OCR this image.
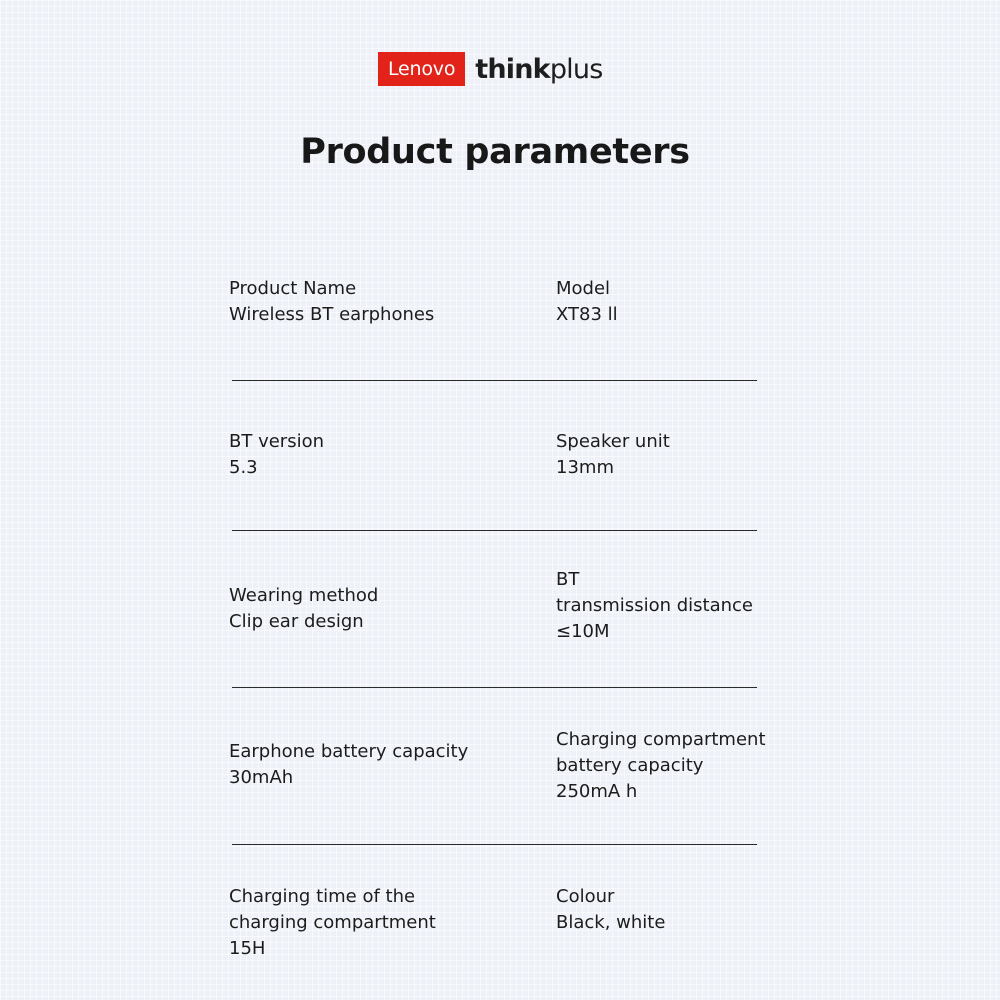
Lenovo thinkplus
Product parameters
Product Name
Wireless BT earphones
Model
XT83 ll
BT version
5.3
Speaker unit
13mm
Wearing method
Clip ear design
BT
transmission distance
≤10M
Earphone battery capacity
30mAh
Charging compartment
battery capacity
250mA h
Charging time of the
charging compartment
15H
Colour
Black, white
